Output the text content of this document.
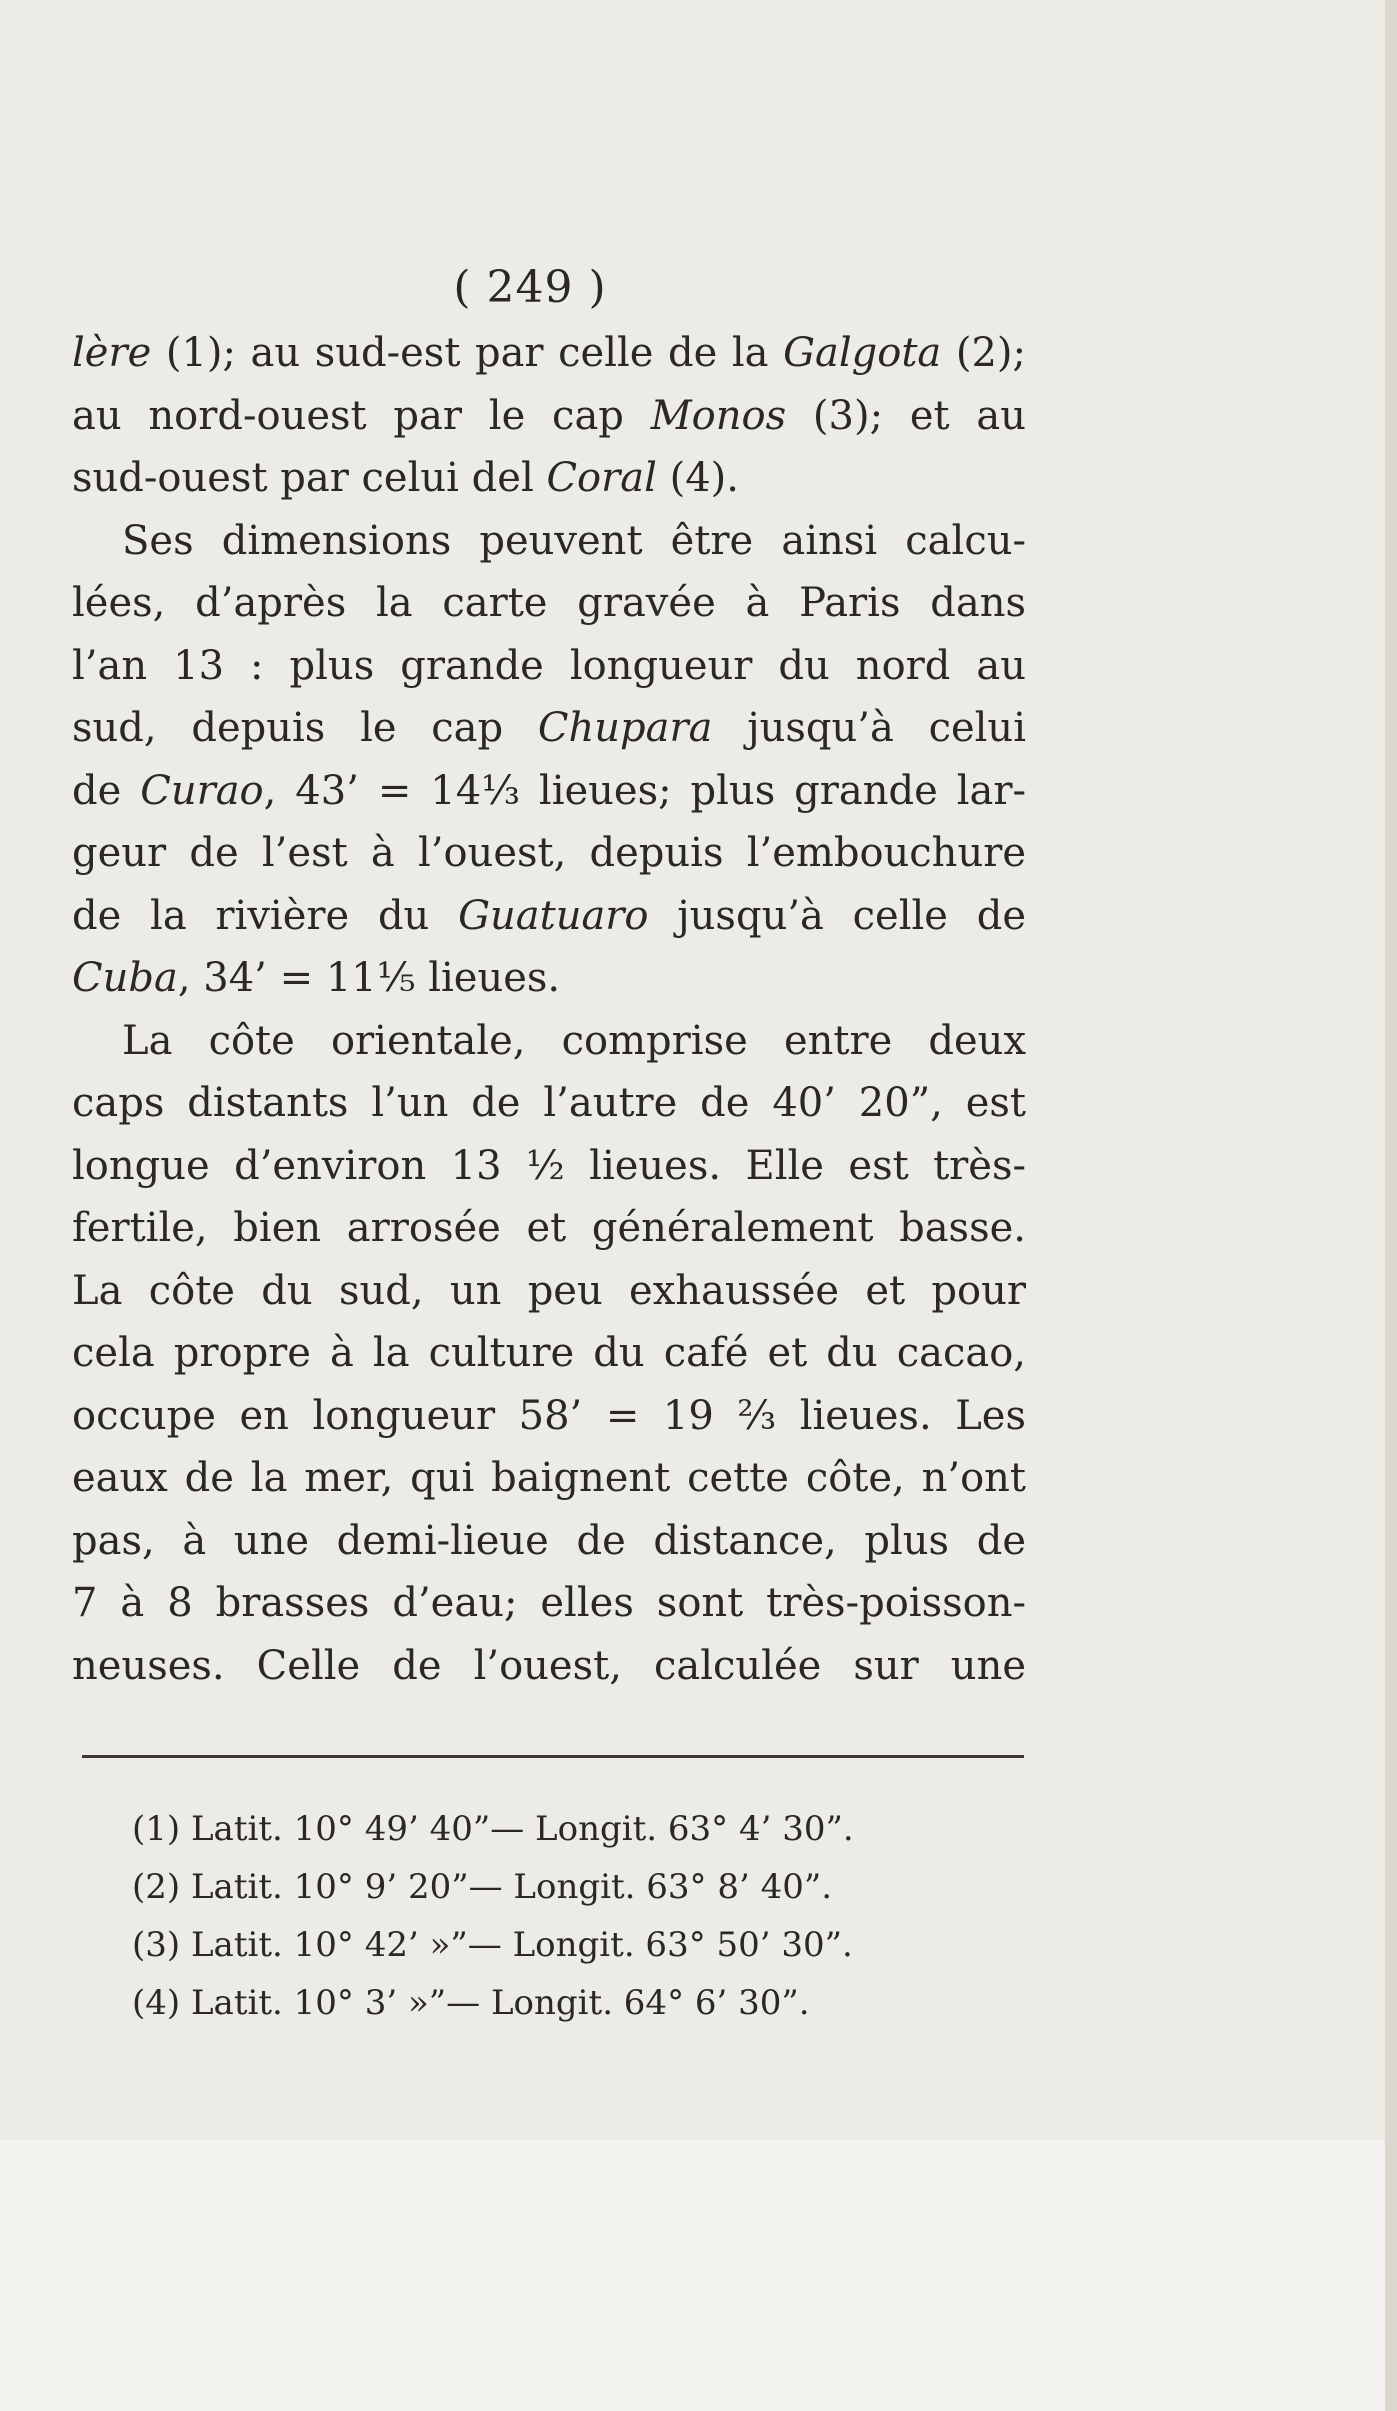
( 249 )
lère (1); au sud-est par celle de la Galgota (2);
au nord-ouest par le cap Monos (3); et au
sud-ouest par celui del Coral (4).
Ses dimensions peuvent être ainsi calcu-
lées, d’après la carte gravée à Paris dans
l’an 13 : plus grande longueur du nord au
sud, depuis le cap Chupara jusqu’à celui
de Curao, 43’ = 14⅓ lieues; plus grande lar-
geur de l’est à l’ouest, depuis l’embouchure
de la rivière du Guatuaro jusqu’à celle de
Cuba, 34’ = 11⅕ lieues.
La côte orientale, comprise entre deux
caps distants l’un de l’autre de 40’ 20”, est
longue d’environ 13 ½ lieues. Elle est très-
fertile, bien arrosée et généralement basse.
La côte du sud, un peu exhaussée et pour
cela propre à la culture du café et du cacao,
occupe en longueur 58’ = 19 ⅔ lieues. Les
eaux de la mer, qui baignent cette côte, n’ont
pas, à une demi-lieue de distance, plus de
7 à 8 brasses d’eau; elles sont très-poisson-
neuses. Celle de l’ouest, calculée sur une
(1) Latit. 10° 49’ 40”— Longit. 63° 4’ 30”.
(2) Latit. 10° 9’ 20”— Longit. 63° 8’ 40”.
(3) Latit. 10° 42’ »”— Longit. 63° 50’ 30”.
(4) Latit. 10° 3’ »”— Longit. 64° 6’ 30”.
